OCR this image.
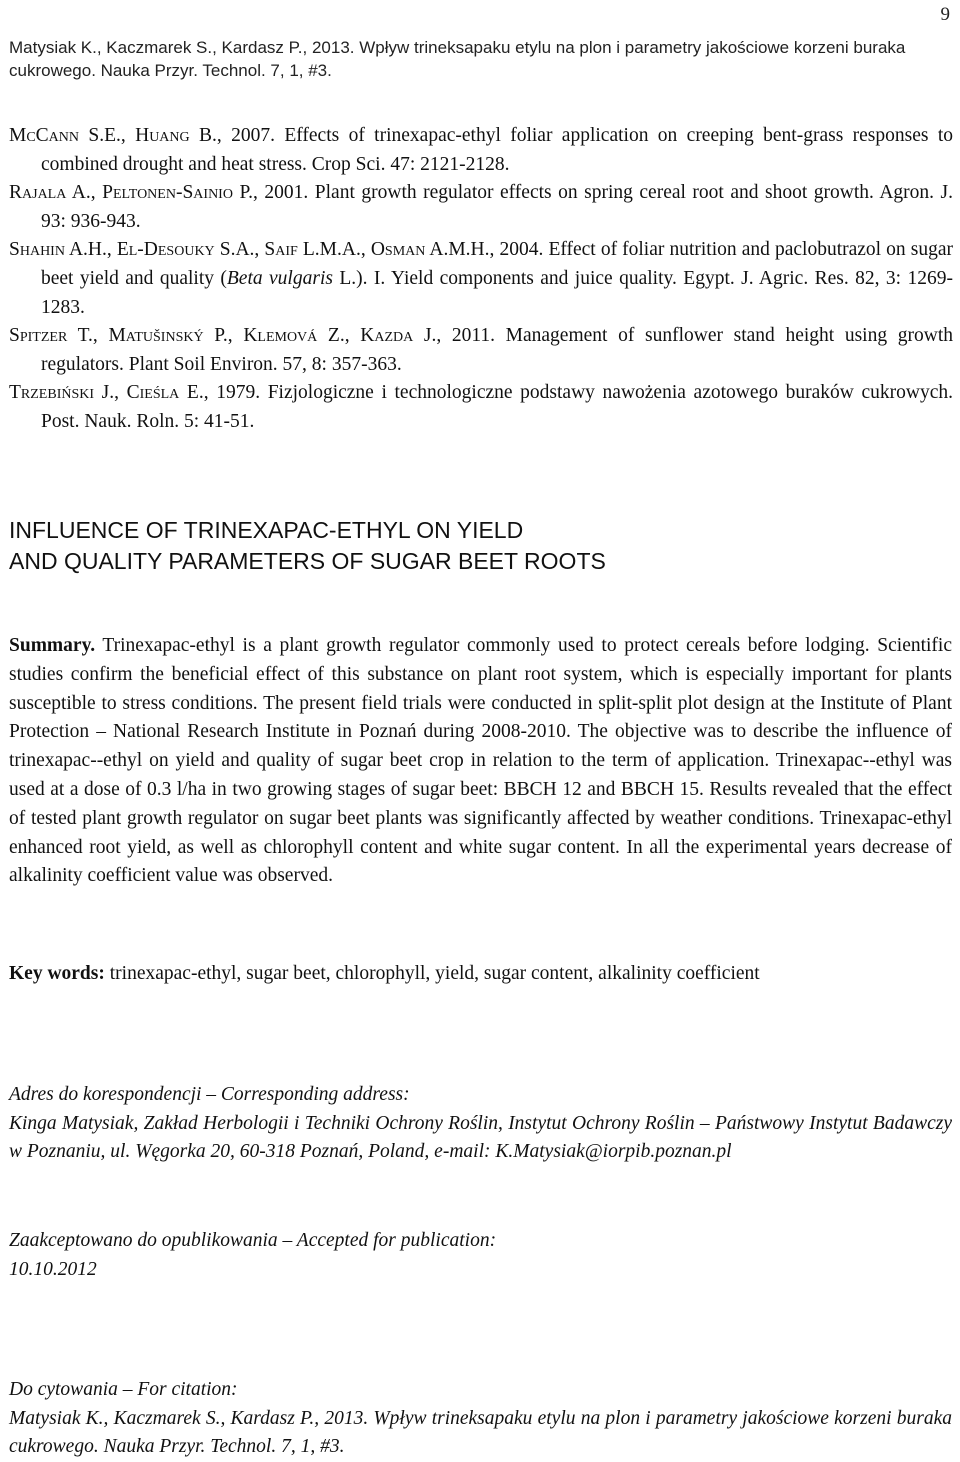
9
Matysiak K., Kaczmarek S., Kardasz P., 2013. Wpływ trineksapaku etylu na plon i parametry jakościowe korzeni buraka cukrowego. Nauka Przyr. Technol. 7, 1, #3.
McCann S.E., Huang B., 2007. Effects of trinexapac-ethyl foliar application on creeping bent-grass responses to combined drought and heat stress. Crop Sci. 47: 2121-2128.
Rajala A., Peltonen-Sainio P., 2001. Plant growth regulator effects on spring cereal root and shoot growth. Agron. J. 93: 936-943.
Shahin A.H., El-Desouky S.A., Saif L.M.A., Osman A.M.H., 2004. Effect of foliar nutrition and paclobutrazol on sugar beet yield and quality (Beta vulgaris L.). I. Yield components and juice quality. Egypt. J. Agric. Res. 82, 3: 1269-1283.
Spitzer T., Matušinský P., Klemová Z., Kazda J., 2011. Management of sunflower stand height using growth regulators. Plant Soil Environ. 57, 8: 357-363.
Trzebiński J., Cieśla E., 1979. Fizjologiczne i technologiczne podstawy nawożenia azotowego buraków cukrowych. Post. Nauk. Roln. 5: 41-51.
INFLUENCE OF TRINEXAPAC-ETHYL ON YIELD
AND QUALITY PARAMETERS OF SUGAR BEET ROOTS
Summary. Trinexapac-ethyl is a plant growth regulator commonly used to protect cereals before lodging. Scientific studies confirm the beneficial effect of this substance on plant root system, which is especially important for plants susceptible to stress conditions. The present field trials were conducted in split-split plot design at the Institute of Plant Protection – National Research Institute in Poznań during 2008-2010. The objective was to describe the influence of trinexapac--ethyl on yield and quality of sugar beet crop in relation to the term of application. Trinexapac--ethyl was used at a dose of 0.3 l/ha in two growing stages of sugar beet: BBCH 12 and BBCH 15. Results revealed that the effect of tested plant growth regulator on sugar beet plants was significantly affected by weather conditions. Trinexapac-ethyl enhanced root yield, as well as chlorophyll content and white sugar content. In all the experimental years decrease of alkalinity coefficient value was observed.
Key words: trinexapac-ethyl, sugar beet, chlorophyll, yield, sugar content, alkalinity coefficient
Adres do korespondencji – Corresponding address:
Kinga Matysiak, Zakład Herbologii i Techniki Ochrony Roślin, Instytut Ochrony Roślin – Państwowy Instytut Badawczy w Poznaniu, ul. Węgorka 20, 60-318 Poznań, Poland, e-mail: K.Matysiak@iorpib.poznan.pl
Zaakceptowano do opublikowania – Accepted for publication:
10.10.2012
Do cytowania – For citation:
Matysiak K., Kaczmarek S., Kardasz P., 2013. Wpływ trineksapaku etylu na plon i parametry jakościowe korzeni buraka cukrowego. Nauka Przyr. Technol. 7, 1, #3.
